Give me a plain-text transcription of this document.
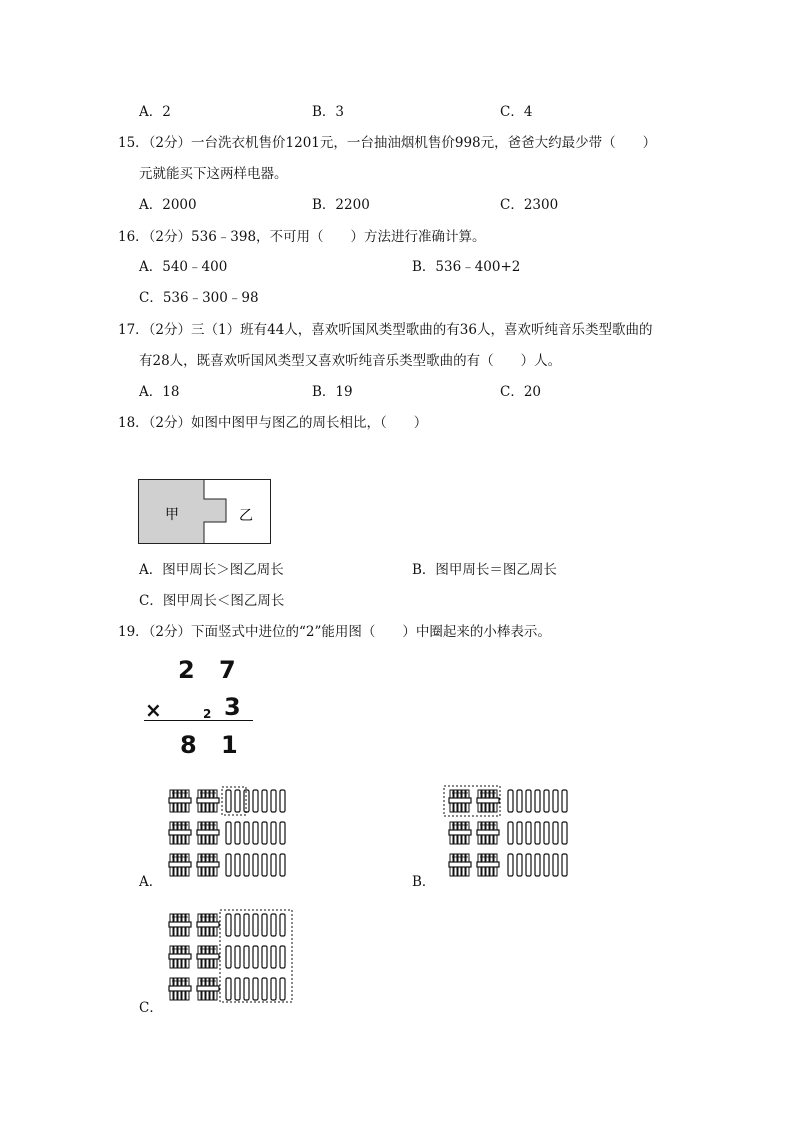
A．2	B．3	C．4
15．（2分）一台洗衣机售价1201元，一台抽油烟机售价998元，爸爸大约最少带（　　）
元就能买下这两样电器。
A．2000	B．2200	C．2300
16．（2分）536﹣398，不可用（　　）方法进行准确计算。
A．540﹣400	B．536﹣400+2
C．536﹣300﹣98
17．（2分）三（1）班有44人，喜欢听国风类型歌曲的有36人，喜欢听纯音乐类型歌曲的
有28人，既喜欢听国风类型又喜欢听纯音乐类型歌曲的有（　　）人。
A．18	B．19	C．20
18．（2分）如图中图甲与图乙的周长相比，（　　）
甲	乙
A．图甲周长＞图乙周长	B．图甲周长＝图乙周长
C．图甲周长＜图乙周长
19．（2分）下面竖式中进位的“2”能用图（　　）中圈起来的小棒表示。
2 7
×	2 3
8 1
A．	B．
C．
